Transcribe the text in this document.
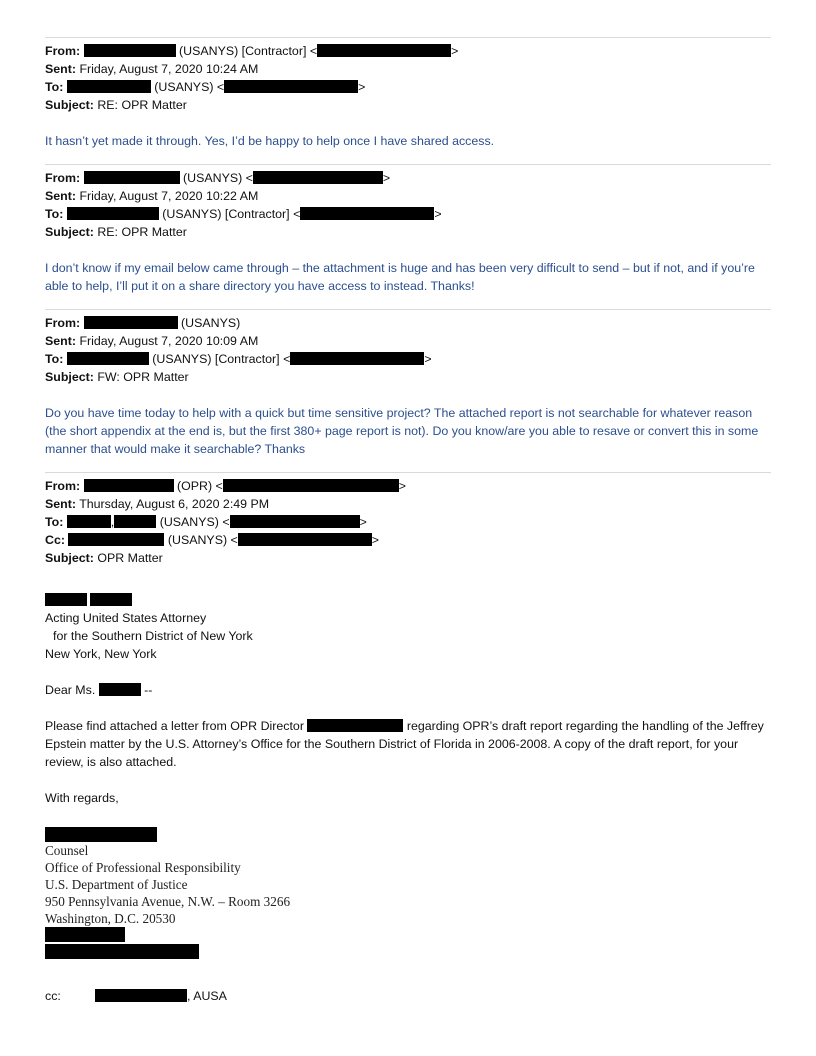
From:	(USANYS) [Contractor] <	>
Sent: Friday, August 7, 2020 10:24 AM
To:	(USANYS) <	>
Subject: RE: OPR Matter
It hasn’t yet made it through. Yes, I’d be happy to help once I have shared access.
From:	(USANYS) <	>
Sent: Friday, August 7, 2020 10:22 AM
To:	(USANYS) [Contractor] <	>
Subject: RE: OPR Matter
I don’t know if my email below came through – the attachment is huge and has been very difficult to send – but if not, and if you’re able to help, I’ll put it on a share directory you have access to instead. Thanks!
From:	(USANYS)
Sent: Friday, August 7, 2020 10:09 AM
To:	(USANYS) [Contractor] <	>
Subject: FW: OPR Matter
Do you have time today to help with a quick but time sensitive project? The attached report is not searchable for whatever reason (the short appendix at the end is, but the first 380+ page report is not). Do you know/are you able to resave or convert this in some manner that would make it searchable? Thanks
From:	(OPR) <	>
Sent: Thursday, August 6, 2020 2:49 PM
To:	,	(USANYS) <	>
Cc:	(USANYS) <	>
Subject: OPR Matter

Acting United States Attorney
for the Southern District of New York
New York, New York
Dear Ms.	--
Please find attached a letter from OPR Director	regarding OPR’s draft report regarding the handling of the Jeffrey Epstein matter by the U.S. Attorney’s Office for the Southern District of Florida in 2006-2008. A copy of the draft report, for your review, is also attached.
With regards,
Counsel
Office of Professional Responsibility
U.S. Department of Justice
950 Pennsylvania Avenue, N.W. – Room 3266
Washington, D.C. 20530
cc:	, AUSA
